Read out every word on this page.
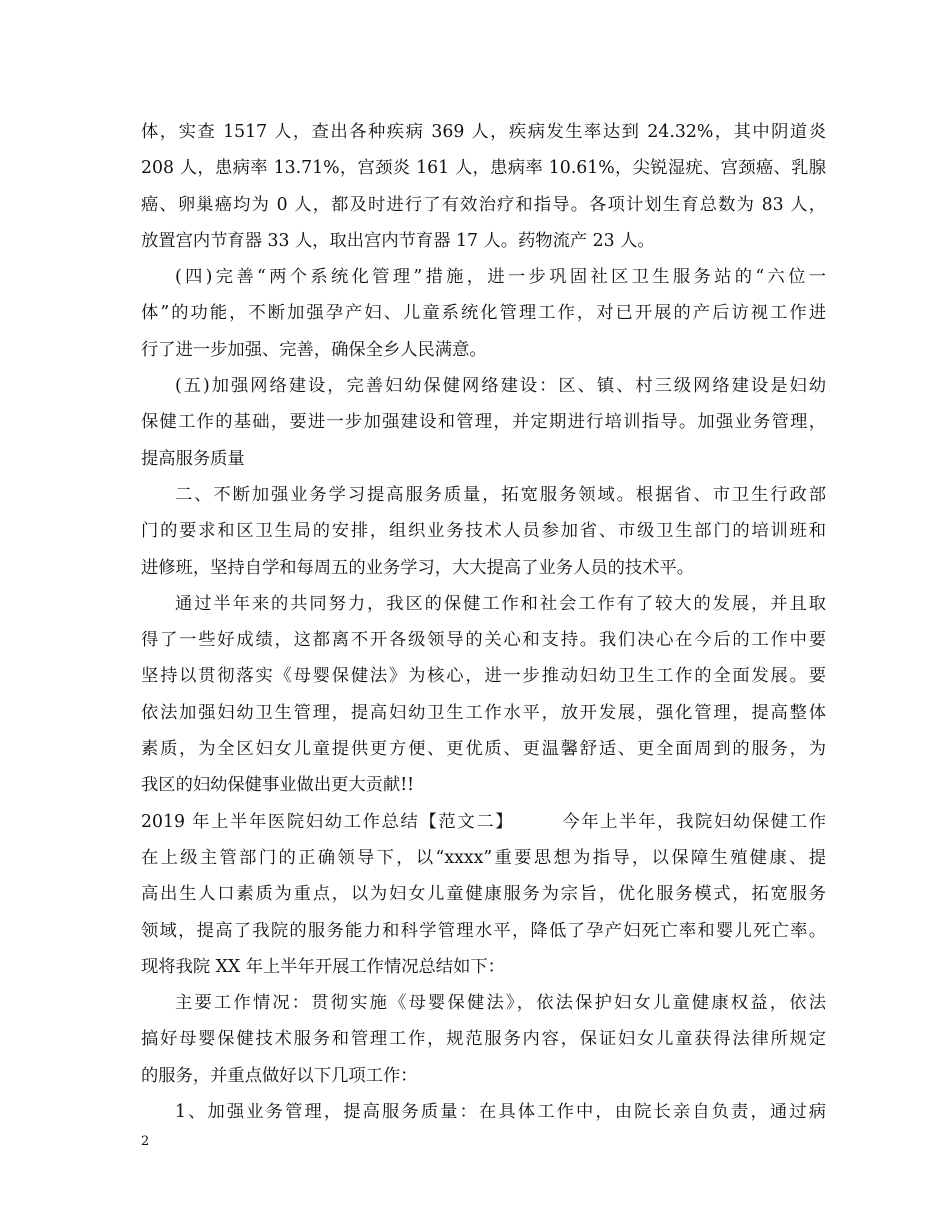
体，实查 1517 人，查出各种疾病 369 人，疾病发生率达到 24.32%，其中阴道炎
208 人，患病率 13.71%，宫颈炎 161 人，患病率 10.61%，尖锐湿疣、宫颈癌、乳腺
癌、卵巢癌均为 0 人，都及时进行了有效治疗和指导。各项计划生育总数为 83 人，
放置宫内节育器 33 人，取出宫内节育器 17 人。药物流产 23 人。
(四)完善“两个系统化管理”措施，进一步巩固社区卫生服务站的“六位一
体”的功能，不断加强孕产妇、儿童系统化管理工作，对已开展的产后访视工作进
行了进一步加强、完善，确保全乡人民满意。
(五)加强网络建设，完善妇幼保健网络建设：区、镇、村三级网络建设是妇幼
保健工作的基础，要进一步加强建设和管理，并定期进行培训指导。加强业务管理，
提高服务质量
二、不断加强业务学习提高服务质量，拓宽服务领域。根据省、市卫生行政部
门的要求和区卫生局的安排，组织业务技术人员参加省、市级卫生部门的培训班和
进修班，坚持自学和每周五的业务学习，大大提高了业务人员的技术平。
通过半年来的共同努力，我区的保健工作和社会工作有了较大的发展，并且取
得了一些好成绩，这都离不开各级领导的关心和支持。我们决心在今后的工作中要
坚持以贯彻落实《母婴保健法》为核心，进一步推动妇幼卫生工作的全面发展。要
依法加强妇幼卫生管理，提高妇幼卫生工作水平，放开发展，强化管理，提高整体
素质，为全区妇女儿童提供更方便、更优质、更温馨舒适、更全面周到的服务，为
我区的妇幼保健事业做出更大贡献!!
2019 年上半年医院妇幼工作总结【范文二】　　　今年上半年，我院妇幼保健工作
在上级主管部门的正确领导下，以“xxxx”重要思想为指导，以保障生殖健康、提
高出生人口素质为重点，以为妇女儿童健康服务为宗旨，优化服务模式，拓宽服务
领域，提高了我院的服务能力和科学管理水平，降低了孕产妇死亡率和婴儿死亡率。
现将我院 XX 年上半年开展工作情况总结如下：
主要工作情况：贯彻实施《母婴保健法》，依法保护妇女儿童健康权益，依法
搞好母婴保健技术服务和管理工作，规范服务内容，保证妇女儿童获得法律所规定
的服务，并重点做好以下几项工作：
1、加强业务管理，提高服务质量：在具体工作中，由院长亲自负责，通过病
2
